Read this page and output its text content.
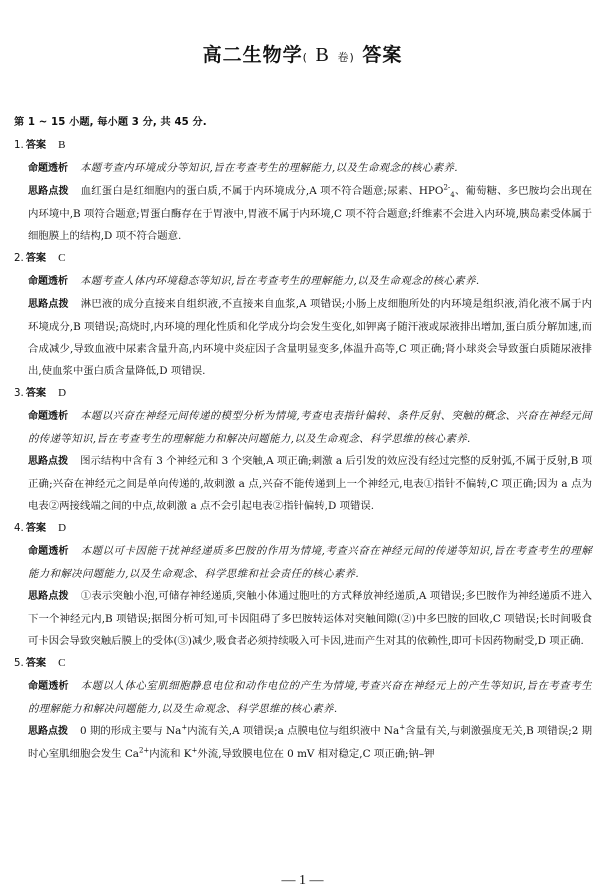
高二生物学( B 卷) 答案
第 1 ~ 15 小题, 每小题 3 分, 共 45 分.
1. 答案 B
命题透析 本题考查内环境成分等知识,旨在考查考生的理解能力,以及生命观念的核心素养.
思路点拨 血红蛋白是红细胞内的蛋白质,不属于内环境成分,A 项不符合题意;尿素、$HPO^{2-}_4$、葡萄糖、多巴胺均会出现在内环境中,B 项符合题意;胃蛋白酶存在于胃液中,胃液不属于内环境,C 项不符合题意;纤维素不会进入内环境,胰岛素受体属于细胞膜上的结构,D 项不符合题意.
2. 答案 C
命题透析 本题考查人体内环境稳态等知识,旨在考查考生的理解能力,以及生命观念的核心素养.
思路点拨 淋巴液的成分直接来自组织液,不直接来自血浆,A 项错误;小肠上皮细胞所处的内环境是组织液,消化液不属于内环境成分,B 项错误;高烧时,内环境的理化性质和化学成分均会发生变化,如钾离子随汗液或尿液排出增加,蛋白质分解加速,而合成减少,导致血液中尿素含量升高,内环境中炎症因子含量明显变多,体温升高等,C 项正确;肾小球炎会导致蛋白质随尿液排出,使血浆中蛋白质含量降低,D 项错误.
3. 答案 D
命题透析 本题以兴奋在神经元间传递的模型分析为情境,考查电表指针偏转、条件反射、突触的概念、兴奋在神经元间的传递等知识,旨在考查考生的理解能力和解决问题能力,以及生命观念、科学思维的核心素养.
思路点拨 图示结构中含有 3 个神经元和 3 个突触,A 项正确;刺激 a 后引发的效应没有经过完整的反射弧,不属于反射,B 项正确;兴奋在神经元之间是单向传递的,故刺激 a 点,兴奋不能传递到上一个神经元,电表①指针不偏转,C 项正确;因为 a 点为电表②两接线端之间的中点,故刺激 a 点不会引起电表②指针偏转,D 项错误.
4. 答案 D
命题透析 本题以可卡因能干扰神经递质多巴胺的作用为情境,考查兴奋在神经元间的传递等知识,旨在考查考生的理解能力和解决问题能力,以及生命观念、科学思维和社会责任的核心素养.
思路点拨 ①表示突触小泡,可储存神经递质,突触小体通过胞吐的方式释放神经递质,A 项错误;多巴胺作为神经递质不进入下一个神经元内,B 项错误;据图分析可知,可卡因阻碍了多巴胺转运体对突触间隙(②)中多巴胺的回收,C 项错误;长时间吸食可卡因会导致突触后膜上的受体(③)减少,吸食者必须持续吸入可卡因,进而产生对其的依赖性,即可卡因药物耐受,D 项正确.
5. 答案 C
命题透析 本题以人体心室肌细胞静息电位和动作电位的产生为情境,考查兴奋在神经元上的产生等知识,旨在考查考生的理解能力和解决问题能力,以及生命观念、科学思维的核心素养.
思路点拨 0 期的形成主要与 Na+内流有关,A 项错误;a 点膜电位与组织液中 Na+含量有关,与刺激强度无关,B 项错误;2 期时心室肌细胞会发生 $Ca^{2+}$内流和 K+外流,导致膜电位在 0 mV 相对稳定,C 项正确;钠–钾
— 1 —
